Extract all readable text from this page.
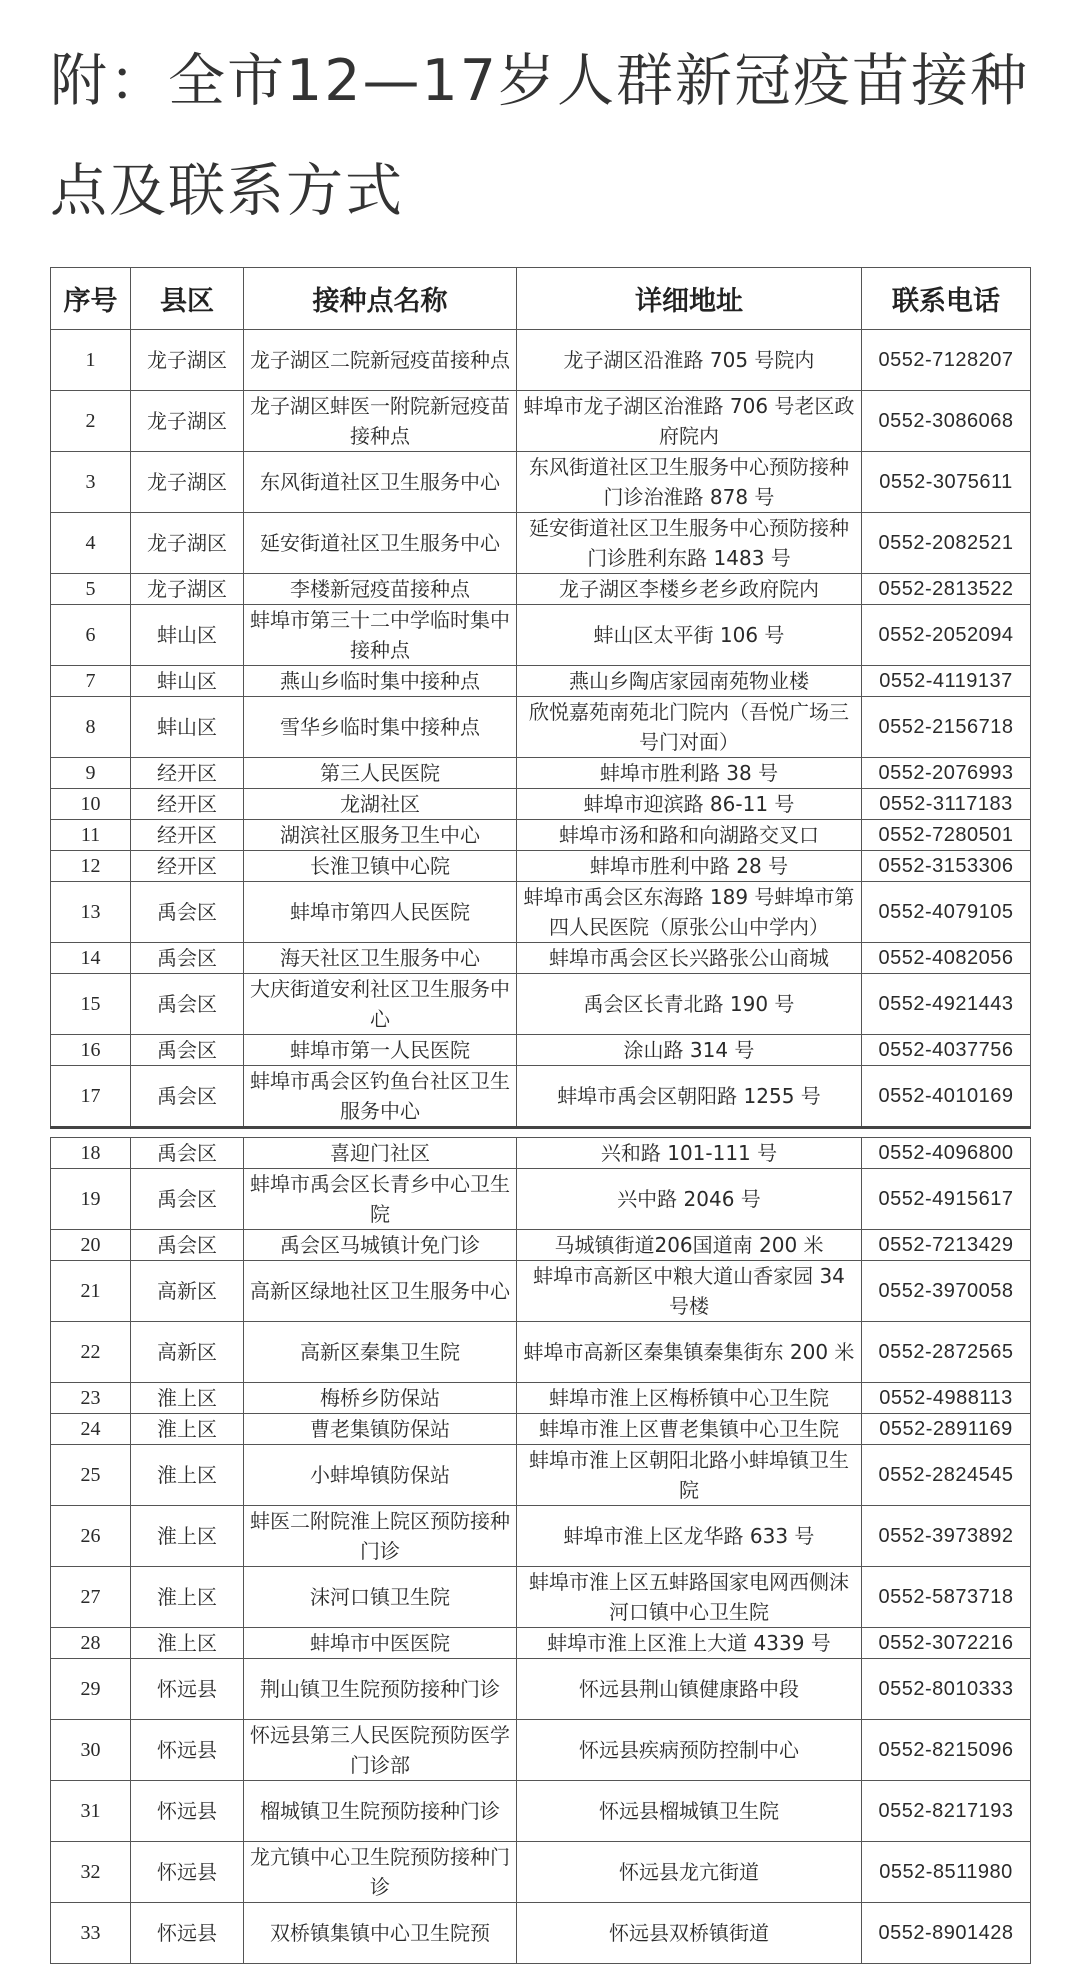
附：全市12—17岁人群新冠疫苗接种点及联系方式
序号	县区	接种点名称	详细地址	联系电话
1	龙子湖区	龙子湖区二院新冠疫苗接种点	龙子湖区沿淮路 705 号院内	0552-7128207
2	龙子湖区	龙子湖区蚌医一附院新冠疫苗接种点	蚌埠市龙子湖区治淮路 706 号老区政府院内	0552-3086068
3	龙子湖区	东风街道社区卫生服务中心	东风街道社区卫生服务中心预防接种门诊治淮路 878 号	0552-3075611
4	龙子湖区	延安街道社区卫生服务中心	延安街道社区卫生服务中心预防接种门诊胜利东路 1483 号	0552-2082521
5	龙子湖区	李楼新冠疫苗接种点	龙子湖区李楼乡老乡政府院内	0552-2813522
6	蚌山区	蚌埠市第三十二中学临时集中接种点	蚌山区太平街 106 号	0552-2052094
7	蚌山区	燕山乡临时集中接种点	燕山乡陶店家园南苑物业楼	0552-4119137
8	蚌山区	雪华乡临时集中接种点	欣悦嘉苑南苑北门院内（吾悦广场三号门对面）	0552-2156718
9	经开区	第三人民医院	蚌埠市胜利路 38 号	0552-2076993
10	经开区	龙湖社区	蚌埠市迎滨路 86-11 号	0552-3117183
11	经开区	湖滨社区服务卫生中心	蚌埠市汤和路和向湖路交叉口	0552-7280501
12	经开区	长淮卫镇中心院	蚌埠市胜利中路 28 号	0552-3153306
13	禹会区	蚌埠市第四人民医院	蚌埠市禹会区东海路 189 号蚌埠市第四人民医院（原张公山中学内）	0552-4079105
14	禹会区	海天社区卫生服务中心	蚌埠市禹会区长兴路张公山商城	0552-4082056
15	禹会区	大庆街道安利社区卫生服务中心	禹会区长青北路 190 号	0552-4921443
16	禹会区	蚌埠市第一人民医院	涂山路 314 号	0552-4037756
17	禹会区	蚌埠市禹会区钓鱼台社区卫生服务中心	蚌埠市禹会区朝阳路 1255 号	0552-4010169

18	禹会区	喜迎门社区	兴和路 101-111 号	0552-4096800
19	禹会区	蚌埠市禹会区长青乡中心卫生院	兴中路 2046 号	0552-4915617
20	禹会区	禹会区马城镇计免门诊	马城镇街道206国道南 200 米	0552-7213429
21	高新区	高新区绿地社区卫生服务中心	蚌埠市高新区中粮大道山香家园 34 号楼	0552-3970058
22	高新区	高新区秦集卫生院	蚌埠市高新区秦集镇秦集街东 200 米	0552-2872565
23	淮上区	梅桥乡防保站	蚌埠市淮上区梅桥镇中心卫生院	0552-4988113
24	淮上区	曹老集镇防保站	蚌埠市淮上区曹老集镇中心卫生院	0552-2891169
25	淮上区	小蚌埠镇防保站	蚌埠市淮上区朝阳北路小蚌埠镇卫生院	0552-2824545
26	淮上区	蚌医二附院淮上院区预防接种门诊	蚌埠市淮上区龙华路 633 号	0552-3973892
27	淮上区	沫河口镇卫生院	蚌埠市淮上区五蚌路国家电网西侧沫河口镇中心卫生院	0552-5873718
28	淮上区	蚌埠市中医医院	蚌埠市淮上区淮上大道 4339 号	0552-3072216
29	怀远县	荆山镇卫生院预防接种门诊	怀远县荆山镇健康路中段	0552-8010333
30	怀远县	怀远县第三人民医院预防医学门诊部	怀远县疾病预防控制中心	0552-8215096
31	怀远县	榴城镇卫生院预防接种门诊	怀远县榴城镇卫生院	0552-8217193
32	怀远县	龙亢镇中心卫生院预防接种门诊	怀远县龙亢街道	0552-8511980
33	怀远县	双桥镇集镇中心卫生院预	怀远县双桥镇街道	0552-8901428
